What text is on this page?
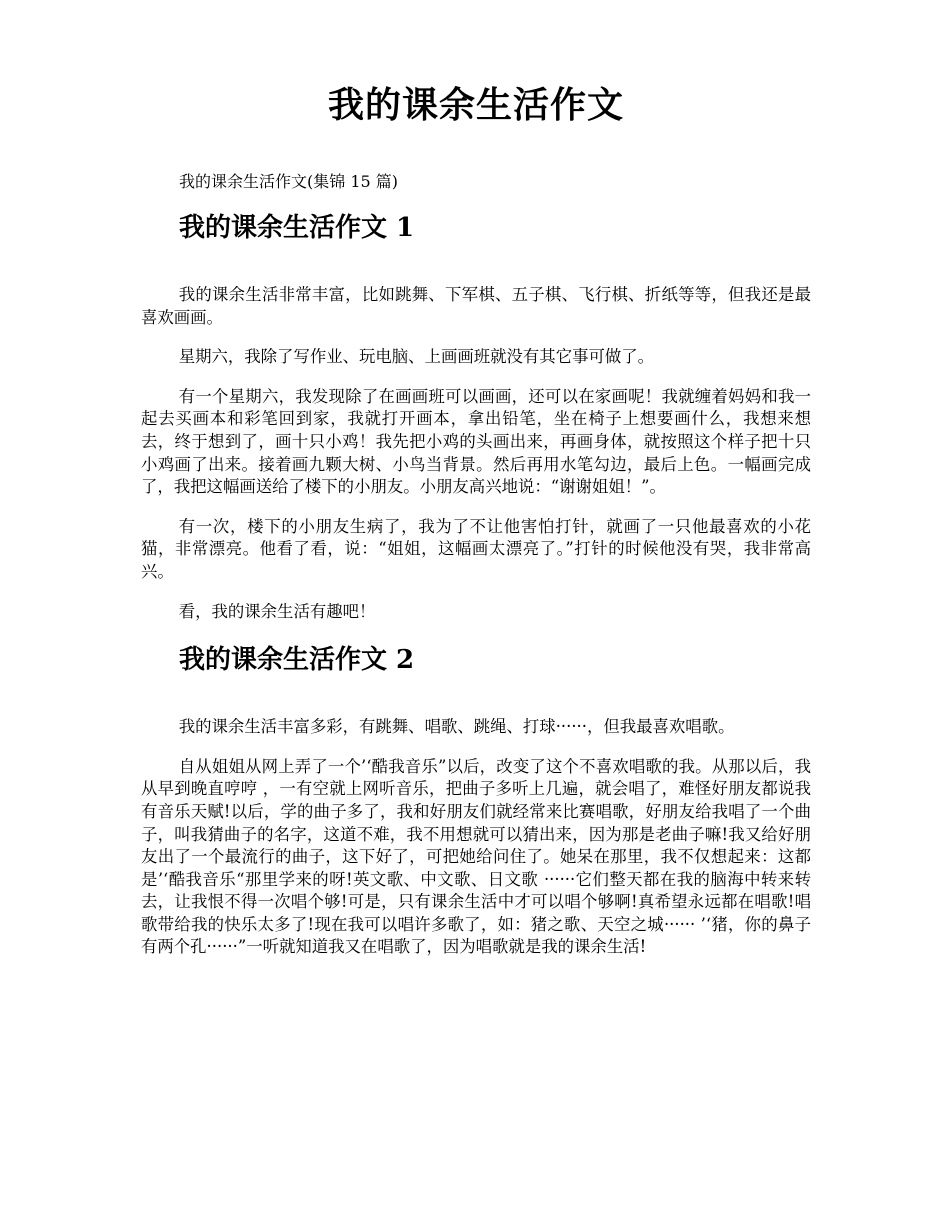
我的课余生活作文

我的课余生活作文(集锦 15 篇)

我的课余生活作文 1

我的课余生活非常丰富，比如跳舞、下军棋、五子棋、飞行棋、折纸等等，但我还是最喜欢画画。

星期六，我除了写作业、玩电脑、上画画班就没有其它事可做了。

有一个星期六，我发现除了在画画班可以画画，还可以在家画呢！我就缠着妈妈和我一起去买画本和彩笔回到家，我就打开画本，拿出铅笔，坐在椅子上想要画什么，我想来想去，终于想到了，画十只小鸡！我先把小鸡的头画出来，再画身体，就按照这个样子把十只小鸡画了出来。接着画九颗大树、小鸟当背景。然后再用水笔勾边，最后上色。一幅画完成了，我把这幅画送给了楼下的小朋友。小朋友高兴地说：“谢谢姐姐！”。

有一次，楼下的小朋友生病了，我为了不让他害怕打针，就画了一只他最喜欢的小花猫，非常漂亮。他看了看，说：“姐姐，这幅画太漂亮了。”打针的时候他没有哭，我非常高兴。

看，我的课余生活有趣吧！

我的课余生活作文 2

我的课余生活丰富多彩，有跳舞、唱歌、跳绳、打球······，但我最喜欢唱歌。

自从姐姐从网上弄了一个’‘酷我音乐”以后，改变了这个不喜欢唱歌的我。从那以后，我从早到晚直哼哼 ，一有空就上网听音乐，把曲子多听上几遍，就会唱了，难怪好朋友都说我有音乐天赋!以后，学的曲子多了，我和好朋友们就经常来比赛唱歌，好朋友给我唱了一个曲子，叫我猜曲子的名字，这道不难，我不用想就可以猜出来，因为那是老曲子嘛!我又给好朋友出了一个最流行的曲子，这下好了，可把她给问住了。她呆在那里，我不仅想起来：这都是’‘酷我音乐“那里学来的呀!英文歌、中文歌、日文歌 ······它们整天都在我的脑海中转来转去，让我恨不得一次唱个够!可是，只有课余生活中才可以唱个够啊!真希望永远都在唱歌!唱歌带给我的快乐太多了!现在我可以唱许多歌了，如：猪之歌、天空之城······ ’‘猪，你的鼻子有两个孔······”一听就知道我又在唱歌了，因为唱歌就是我的课余生活!
